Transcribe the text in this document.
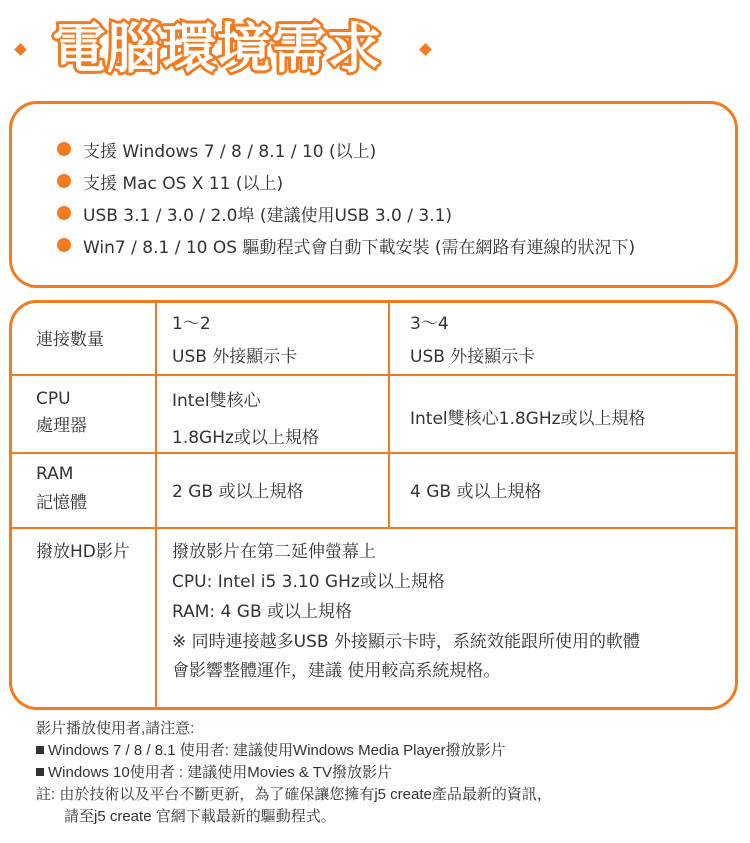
電腦環境需求
支援 Windows 7 / 8 / 8.1 / 10 (以上)
支援 Mac OS X 11 (以上)
USB 3.1 / 3.0 / 2.0埠 (建議使用USB 3.0 / 3.1)
Win7 / 8.1 / 10 OS 驅動程式會自動下載安裝 (需在網路有連線的狀況下)
連接數量
1～2
USB 外接顯示卡
3～4
USB 外接顯示卡
CPU
處理器
Intel雙核心
1.8GHz或以上規格
Intel雙核心1.8GHz或以上規格
RAM
記憶體
2 GB 或以上規格	4 GB 或以上規格
撥放HD影片 撥放影片在第二延伸螢幕上
CPU: Intel i5 3.10 GHz或以上規格
RAM: 4 GB 或以上規格
※ 同時連接越多USB 外接顯示卡時，系統效能跟所使用的軟體
會影響整體運作，建議 使用較高系統規格。
影片播放使用者,請注意:
Windows 7 / 8 / 8.1 使用者: 建議使用Windows Media Player撥放影片
Windows 10使用者 : 建議使用Movies & TV撥放影片
註: 由於技術以及平台不斷更新，為了確保讓您擁有j5 create產品最新的資訊，
請至j5 create 官網下載最新的驅動程式。
